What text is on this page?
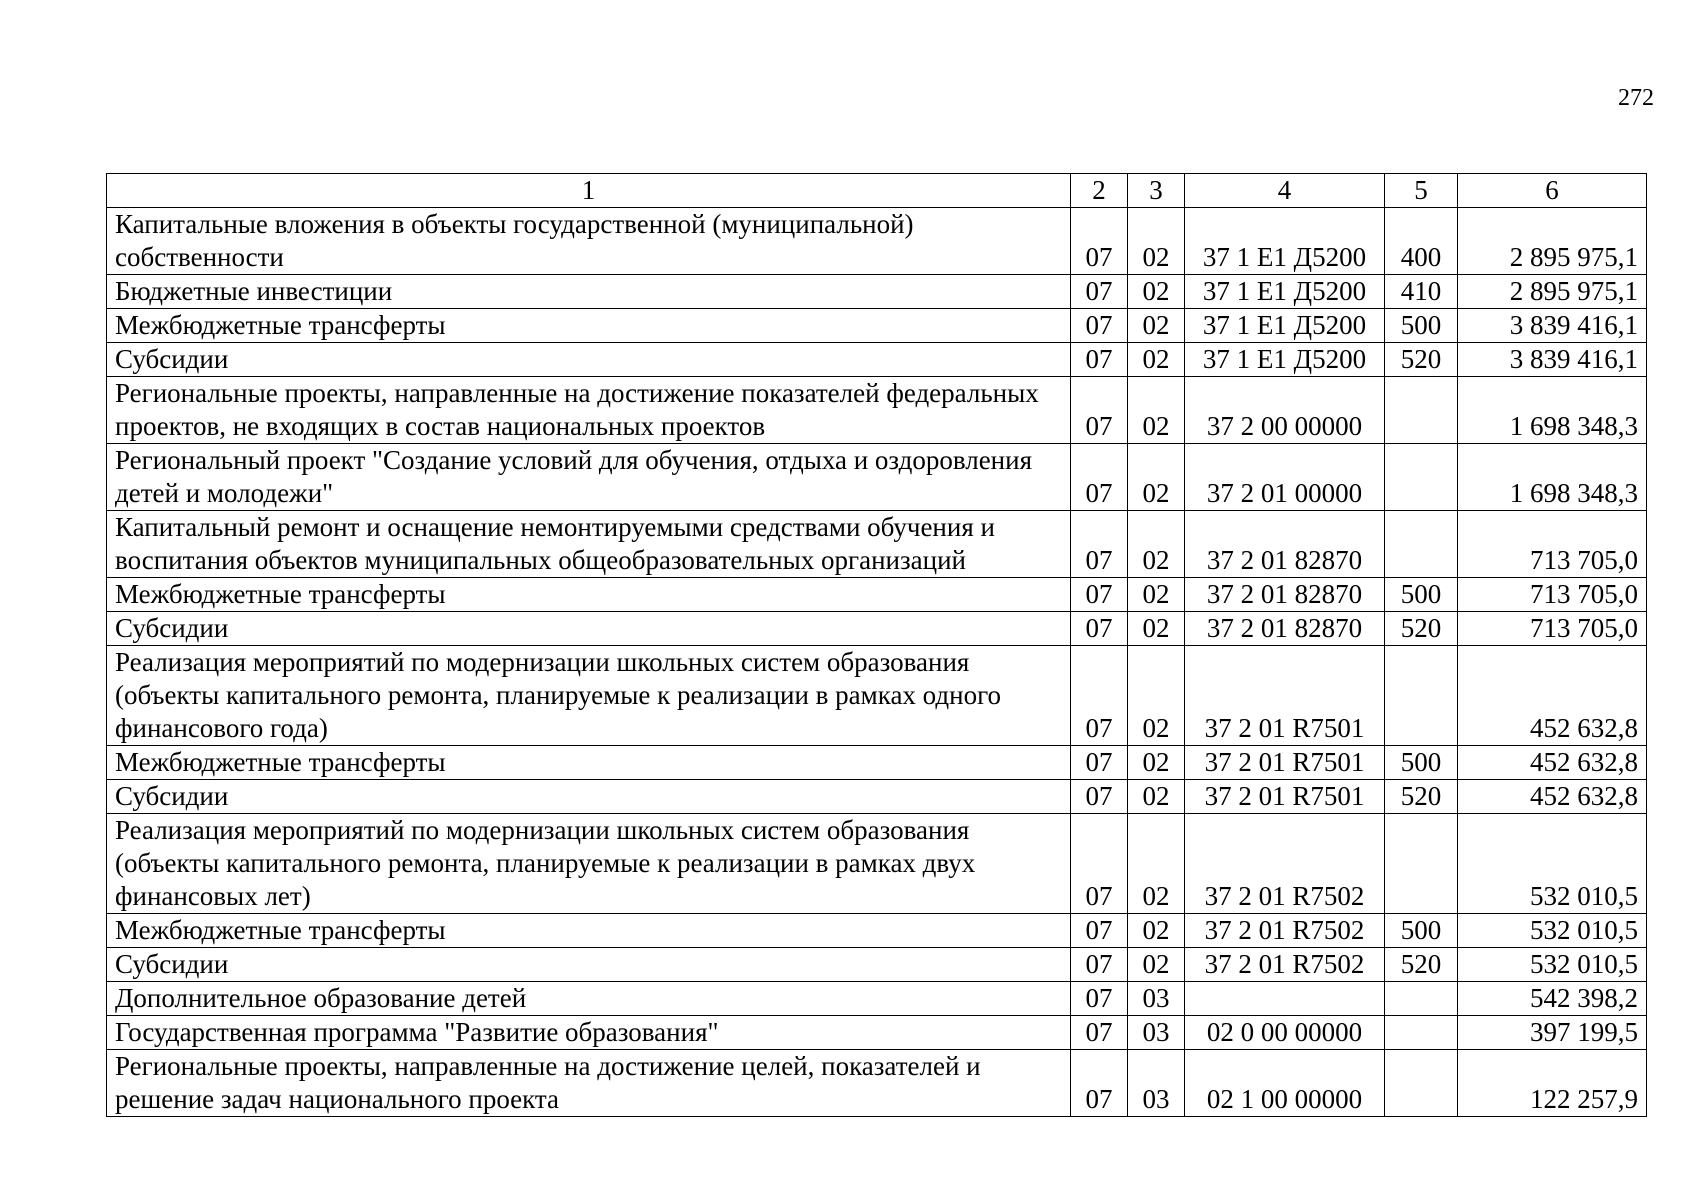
272
1	2	3	4	5	6
Капитальные вложения в объекты государственной (муниципальной) собственности	07	02	37 1 E1 Д5200	400	2 895 975,1
Бюджетные инвестиции	07	02	37 1 E1 Д5200	410	2 895 975,1
Межбюджетные трансферты	07	02	37 1 E1 Д5200	500	3 839 416,1
Субсидии	07	02	37 1 E1 Д5200	520	3 839 416,1
Региональные проекты, направленные на достижение показателей федеральных проектов, не входящих в состав национальных проектов	07	02	37 2 00 00000		1 698 348,3
Региональный проект "Создание условий для обучения, отдыха и оздоровления детей и молодежи"	07	02	37 2 01 00000		1 698 348,3
Капитальный ремонт и оснащение немонтируемыми средствами обучения и воспитания объектов муниципальных общеобразовательных организаций	07	02	37 2 01 82870		713 705,0
Межбюджетные трансферты	07	02	37 2 01 82870	500	713 705,0
Субсидии	07	02	37 2 01 82870	520	713 705,0
Реализация мероприятий по модернизации школьных систем образования (объекты капитального ремонта, планируемые к реализации в рамках одного финансового года)	07	02	37 2 01 R7501		452 632,8
Межбюджетные трансферты	07	02	37 2 01 R7501	500	452 632,8
Субсидии	07	02	37 2 01 R7501	520	452 632,8
Реализация мероприятий по модернизации школьных систем образования (объекты капитального ремонта, планируемые к реализации в рамках двух финансовых лет)	07	02	37 2 01 R7502		532 010,5
Межбюджетные трансферты	07	02	37 2 01 R7502	500	532 010,5
Субсидии	07	02	37 2 01 R7502	520	532 010,5
Дополнительное образование детей	07	03			542 398,2
Государственная программа "Развитие образования"	07	03	02 0 00 00000		397 199,5
Региональные проекты, направленные на достижение целей, показателей и решение задач национального проекта	07	03	02 1 00 00000		122 257,9
